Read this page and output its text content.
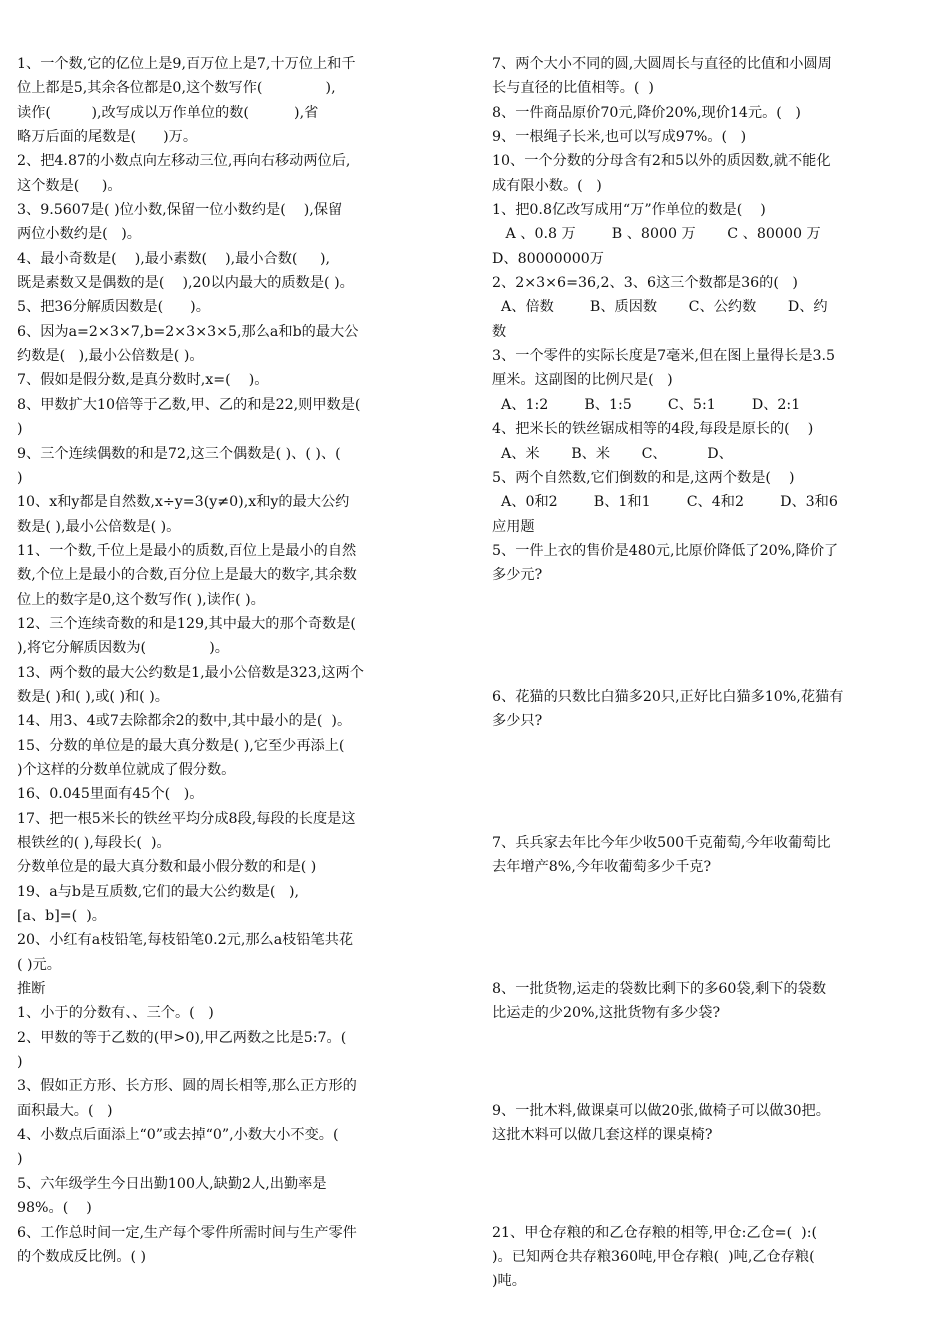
1、一个数,它的亿位上是9,百万位上是7,十万位上和千
位上都是5,其余各位都是0,这个数写作(              ),
读作(         ),改写成以万作单位的数(          ),省
略万后面的尾数是(      )万。
2、把4.87的小数点向左移动三位,再向右移动两位后,
这个数是(     )。
3、9.5607是( )位小数,保留一位小数约是(    ),保留
两位小数约是(   )。
4、最小奇数是(    ),最小素数(    ),最小合数(     ),
既是素数又是偶数的是(    ),20以内最大的质数是( )。
5、把36分解质因数是(      )。
6、因为a=2×3×7,b=2×3×3×5,那么a和b的最大公
约数是(   ),最小公倍数是( )。
7、假如是假分数,是真分数时,x=(    )。
8、甲数扩大10倍等于乙数,甲、乙的和是22,则甲数是(
)
9、三个连续偶数的和是72,这三个偶数是( )、( )、(
)
10、x和y都是自然数,x÷y=3(y≠0),x和y的最大公约
数是( ),最小公倍数是( )。
11、一个数,千位上是最小的质数,百位上是最小的自然
数,个位上是最小的合数,百分位上是最大的数字,其余数
位上的数字是0,这个数写作( ),读作( )。
12、三个连续奇数的和是129,其中最大的那个奇数是(
),将它分解质因数为(              )。
13、两个数的最大公约数是1,最小公倍数是323,这两个
数是( )和( ),或( )和( )。
14、用3、4或7去除都余2的数中,其中最小的是(  )。
15、分数的单位是的最大真分数是( ),它至少再添上(
)个这样的分数单位就成了假分数。
16、0.045里面有45个(   )。
17、把一根5米长的铁丝平均分成8段,每段的长度是这
根铁丝的( ),每段长(  )。
分数单位是的最大真分数和最小假分数的和是( )
19、a与b是互质数,它们的最大公约数是(   ),
[a、b]=(  )。
20、小红有a枝铅笔,每枝铅笔0.2元,那么a枝铅笔共花
( )元。
推断
1、小于的分数有、、三个。(   )
2、甲数的等于乙数的(甲>0),甲乙两数之比是5:7。(
)
3、假如正方形、长方形、圆的周长相等,那么正方形的
面积最大。(   )
4、小数点后面添上“0”或去掉“0”,小数大小不变。(
)
5、六年级学生今日出勤100人,缺勤2人,出勤率是
98%。(    )
6、工作总时间一定,生产每个零件所需时间与生产零件
的个数成反比例。( )
7、两个大小不同的圆,大圆周长与直径的比值和小圆周
长与直径的比值相等。(  )
8、一件商品原价70元,降价20%,现价14元。(   )
9、一根绳子长米,也可以写成97%。(   )
10、一个分数的分母含有2和5以外的质因数,就不能化
成有限小数。(   )
1、把0.8亿改写成用“万”作单位的数是(    )
A 、0.8 万        B 、8000 万       C 、80000 万
D、80000000万
2、2×3×6=36,2、3、6这三个数都是36的(   )
A、倍数        B、质因数       C、公约数       D、约
数
3、一个零件的实际长度是7毫米,但在图上量得长是3.5
厘米。这副图的比例尺是(   )
A、1:2        B、1:5        C、5:1        D、2:1
4、把米长的铁丝锯成相等的4段,每段是原长的(    )
A、米       B、米       C、         D、
5、两个自然数,它们倒数的和是,这两个数是(    )
A、0和2        B、1和1        C、4和2        D、3和6
应用题
5、一件上衣的售价是480元,比原价降低了20%,降价了
多少元?
6、花猫的只数比白猫多20只,正好比白猫多10%,花猫有
多少只?
7、兵兵家去年比今年少收500千克葡萄,今年收葡萄比
去年增产8%,今年收葡萄多少千克?
8、一批货物,运走的袋数比剩下的多60袋,剩下的袋数
比运走的少20%,这批货物有多少袋?
9、一批木料,做课桌可以做20张,做椅子可以做30把。
这批木料可以做几套这样的课桌椅?
21、甲仓存粮的和乙仓存粮的相等,甲仓:乙仓=(  ):(
)。已知两仓共存粮360吨,甲仓存粮(  )吨,乙仓存粮(
)吨。
